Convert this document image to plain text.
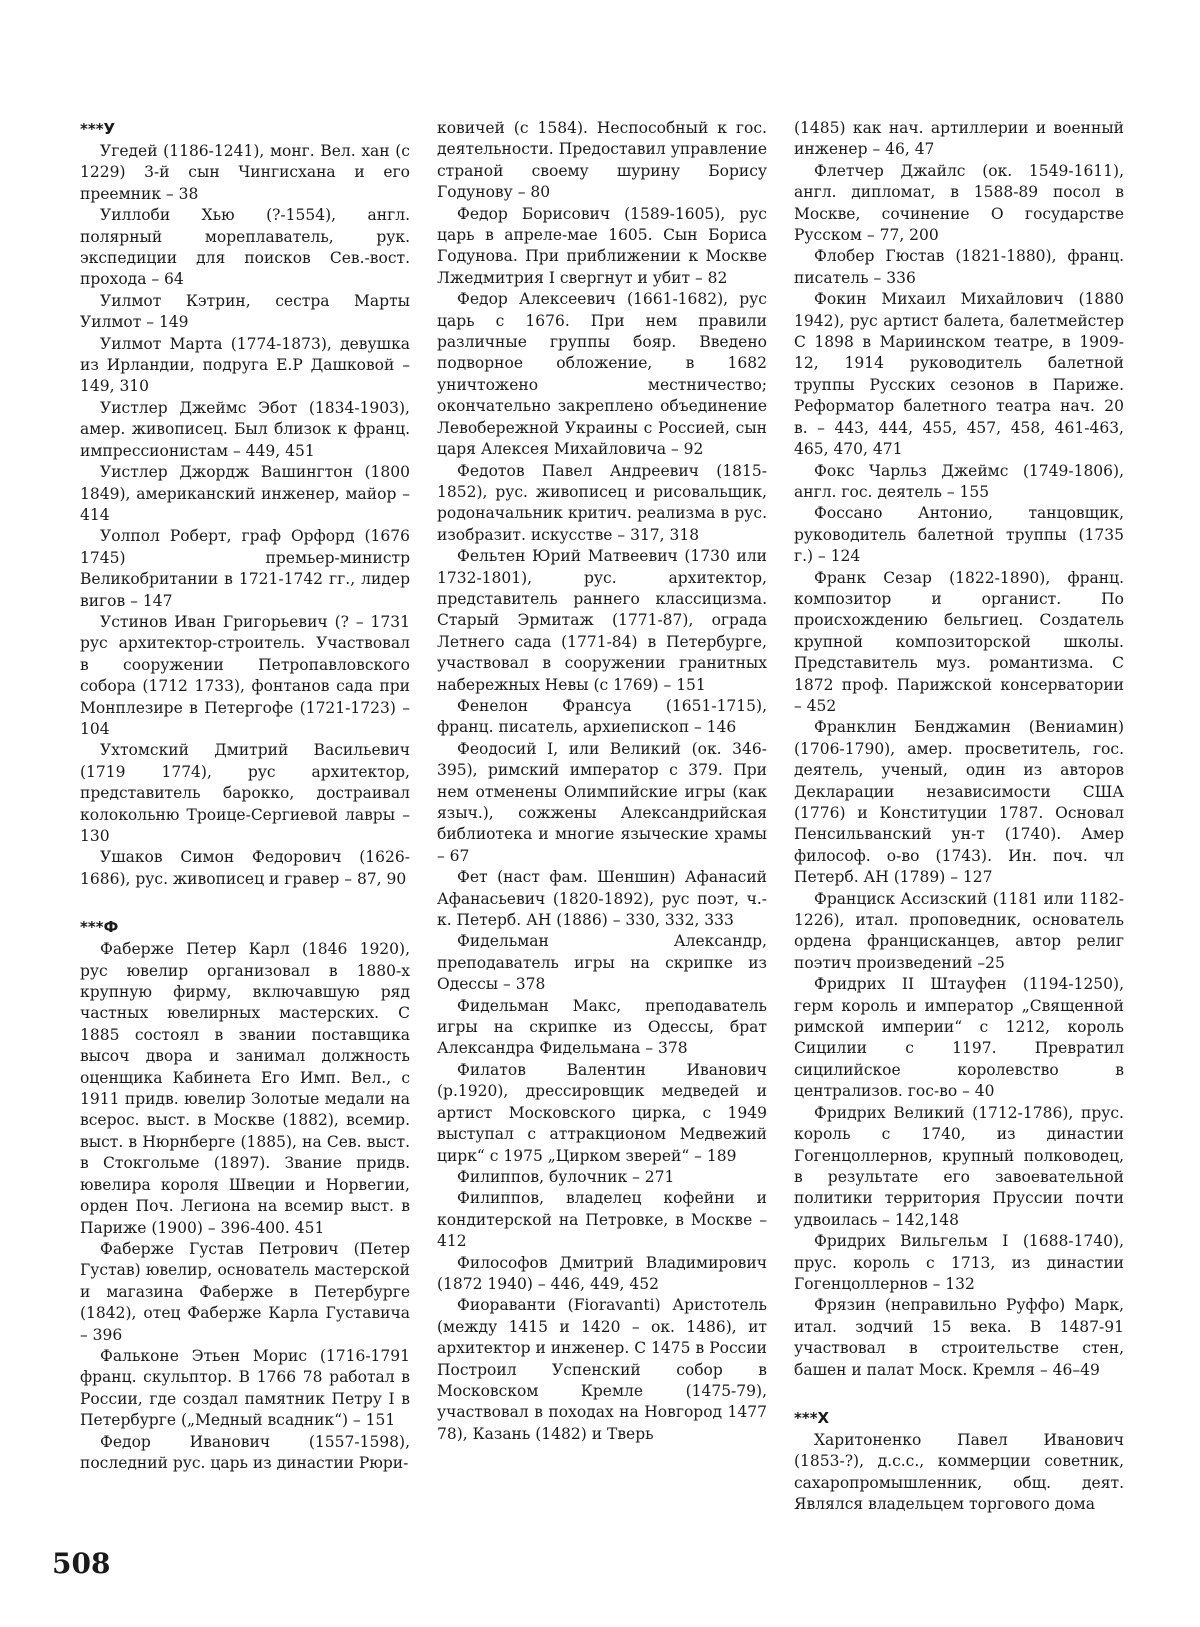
***У

Угедей (1186-1241), монг. Вел. хан (с 1229) 3-й сын Чингисхана и его преемник – 38

Уиллоби Хью (?-1554), англ. полярный мореплаватель, рук. экспедиции для поисков Сев.-вост. прохода – 64

Уилмот Кэтрин, сестра Марты Уилмот – 149

Уилмот Марта (1774-1873), девушка из Ирландии, подруга Е.Р Дашковой – 149, 310

Уистлер Джеймс Эбот (1834-1903), амер. живописец. Был близок к франц. импрессионистам – 449, 451

Уистлер Джордж Вашингтон (1800 1849), американский инженер, майор – 414

Уолпол Роберт, граф Орфорд (1676 1745) премьер-министр Великобритании в 1721-1742 гг., лидер вигов – 147

Устинов Иван Григорьевич (? – 1731 рус архитектор-строитель. Участвовал в сооружении Петропавловского собора (1712 1733), фонтанов сада при Монплезире в Петергофе (1721-1723) – 104

Ухтомский Дмитрий Васильевич (1719 1774), рус архитектор, представитель барокко, достраивал колокольню Троице-Сергиевой лавры – 130

Ушаков Симон Федорович (1626-1686), рус. живописец и гравер – 87, 90

***Ф

Фаберже Петер Карл (1846 1920), рус ювелир организовал в 1880-х крупную фирму, включавшую ряд частных ювелирных мастерских. С 1885 состоял в звании поставщика высоч двора и занимал должность оценщика Кабинета Его Имп. Вел., с 1911 придв. ювелир Золотые медали на всерос. выст. в Москве (1882), всемир. выст. в Нюрнберге (1885), на Сев. выст. в Стокгольме (1897). Звание придв. ювелира короля Швеции и Норвегии, орден Поч. Легиона на всемир выст. в Париже (1900) – 396-400. 451

Фаберже Густав Петрович (Петер Густав) ювелир, основатель мастерской и магазина Фаберже в Петербурге (1842), отец Фаберже Карла Густавича – 396

Фальконе Этьен Морис (1716-1791 франц. скульптор. В 1766 78 работал в России, где создал памятник Петру I в Петербурге („Медный всадник“) – 151

Федор Иванович (1557-1598), последний рус. царь из династии Рюри-

ковичей (с 1584). Неспособный к гос. деятельности. Предоставил управление страной своему шурину Борису Годунову – 80

Федор Борисович (1589-1605), рус царь в апреле-мае 1605. Сын Бориса Годунова. При приближении к Москве Лжедмитрия I свергнут и убит – 82

Федор Алексеевич (1661-1682), рус царь с 1676. При нем правили различные группы бояр. Введено подворное обложение, в 1682 уничтожено местничество; окончательно закреплено объединение Левобережной Украины с Россией, сын царя Алексея Михайловича – 92

Федотов Павел Андреевич (1815-1852), рус. живописец и рисовальщик, родоначальник критич. реализма в рус. изобразит. искусстве – 317, 318

Фельтен Юрий Матвеевич (1730 или 1732-1801), рус. архитектор, представитель раннего классицизма. Старый Эрмитаж (1771-87), ограда Летнего сада (1771-84) в Петербурге, участвовал в сооружении гранитных набережных Невы (с 1769) – 151

Фенелон Франсуа (1651-1715), франц. писатель, архиепископ – 146

Феодосий I, или Великий (ок. 346-395), римский император с 379. При нем отменены Олимпийские игры (как языч.), сожжены Александрийская библиотека и многие языческие храмы – 67

Фет (наст фам. Шеншин) Афанасий Афанасьевич (1820-1892), рус поэт, ч.-к. Петерб. АН (1886) – 330, 332, 333

Фидельман Александр, преподаватель игры на скрипке из Одессы – 378

Фидельман Макс, преподаватель игры на скрипке из Одессы, брат Александра Фидельмана – 378

Филатов Валентин Иванович (р.1920), дрессировщик медведей и артист Московского цирка, с 1949 выступал с аттракционом Медвежий цирк“ с 1975 „Цирком зверей“ – 189

Филиппов, булочник – 271

Филиппов, владелец кофейни и кондитерской на Петровке, в Москве – 412

Философов Дмитрий Владимирович (1872 1940) – 446, 449, 452

Фиораванти (Fioravanti) Аристотель (между 1415 и 1420 – ок. 1486), ит архитектор и инженер. С 1475 в России Построил Успенский собор в Московском Кремле (1475-79), участвовал в походах на Новгород 1477 78), Казань (1482) и Тверь

(1485) как нач. артиллерии и военный инженер – 46, 47

Флетчер Джайлс (ок. 1549-1611), англ. дипломат, в 1588-89 посол в Москве, сочинение О государстве Русском – 77, 200

Флобер Гюстав (1821-1880), франц. писатель – 336

Фокин Михаил Михайлович (1880 1942), рус артист балета, балетмейстер С 1898 в Мариинском театре, в 1909-12, 1914 руководитель балетной труппы Русских сезонов в Париже. Реформатор балетного театра нач. 20 в. – 443, 444, 455, 457, 458, 461-463, 465, 470, 471

Фокс Чарльз Джеймс (1749-1806), англ. гос. деятель – 155

Фоссано Антонио, танцовщик, руководитель балетной труппы (1735 г.) – 124

Франк Сезар (1822-1890), франц. композитор и органист. По происхождению бельгиец. Создатель крупной композиторской школы. Представитель муз. романтизма. С 1872 проф. Парижской консерватории – 452

Франклин Бенджамин (Вениамин) (1706-1790), амер. просветитель, гос. деятель, ученый, один из авторов Декларации независимости США (1776) и Конституции 1787. Основал Пенсильванский ун-т (1740). Амер философ. о-во (1743). Ин. поч. чл Петерб. АН (1789) – 127

Франциск Ассизский (1181 или 1182-1226), итал. проповедник, основатель ордена францисканцев, автор религ поэтич произведений –25

Фридрих II Штауфен (1194-1250), герм король и император „Священной римской империи“ с 1212, король Сицилии с 1197. Превратил сицилийское королевство в централизов. гос-во – 40

Фридрих Великий (1712-1786), прус. король с 1740, из династии Гогенцоллернов, крупный полководец, в результате его завоевательной политики территория Пруссии почти удвоилась – 142,148

Фридрих Вильгельм I (1688-1740), прус. король с 1713, из династии Гогенцоллернов – 132

Фрязин (неправильно Руффо) Марк, итал. зодчий 15 века. В 1487-91 участвовал в строительстве стен, башен и палат Моск. Кремля – 46–49

***Х

Харитоненко Павел Иванович (1853-?), д.с.с., коммерции советник, сахаропромышленник, общ. деят. Являлся владельцем торгового дома

508
